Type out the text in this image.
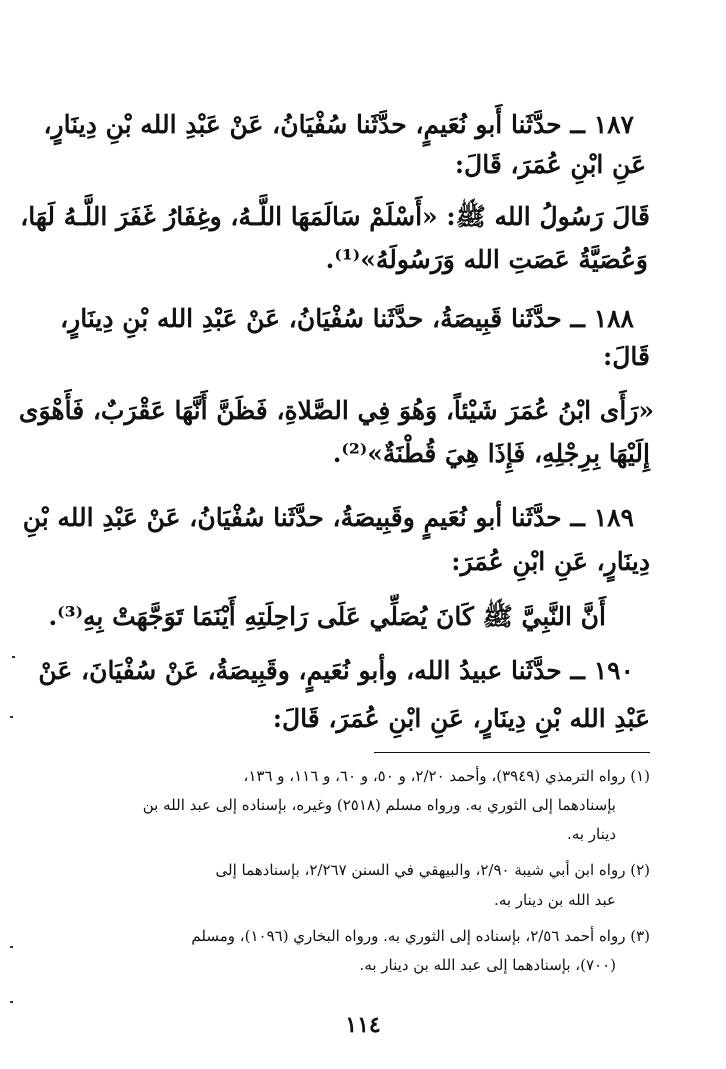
١٨٧ ــ حدَّثَنا أَبو نُعَيمٍ، حدَّثَنا سُفْيَانُ، عَنْ عَبْدِ الله بْنِ دِينَارٍ،
عَنِ ابْنِ عُمَرَ، قَالَ:
قَالَ رَسُولُ الله ﷺ: «أَسْلَمْ سَالَمَهَا اللَّـهُ، وغِفَارُ غَفَرَ اللَّـهُ لَهَا،
وَعُصَيَّةُ عَصَتِ الله وَرَسُولَهُ»⁽¹⁾.
١٨٨ ــ حدَّثَنا قَبِيصَةُ، حدَّثَنا سُفْيَانُ، عَنْ عَبْدِ الله بْنِ دِينَارٍ،
قَالَ:
«رَأَى ابْنُ عُمَرَ شَيْئاً، وَهُوَ فِي الصَّلاةِ، فَظَنَّ أَنَّهَا عَقْرَبٌ، فَأَهْوَى
إِلَيْهَا بِرِجْلِهِ، فَإِذَا هِيَ قُطْنَةٌ»⁽²⁾.
١٨٩ ــ حدَّثَنا أبو نُعَيمٍ وقَبِيصَةُ، حدَّثَنا سُفْيَانُ، عَنْ عَبْدِ الله بْنِ
دِينَارٍ، عَنِ ابْنِ عُمَرَ:
أَنَّ النَّبِيَّ ﷺ كَانَ يُصَلِّي عَلَى رَاحِلَتِهِ أَيْنَمَا تَوَجَّهَتْ بِهِ⁽³⁾.
١٩٠ ــ حدَّثَنا عبيدُ الله، وأبو نُعَيمٍ، وقَبِيصَةُ، عَنْ سُفْيَانَ، عَنْ
عَبْدِ الله بْنِ دِينَارٍ، عَنِ ابْنِ عُمَرَ، قَالَ:
(١) رواه الترمذي (٣٩٤٩)، وأحمد ٢/٢٠، و ٥٠، و ٦٠، و ١١٦، و ١٣٦،
بإسنادهما إلى الثوري به. ورواه مسلم (٢٥١٨) وغيره، بإسناده إلى عبد الله بن
دينار به.
(٢) رواه ابن أبي شيبة ٢/٩٠، والبيهقي في السنن ٢/٢٦٧، بإسنادهما إلى
عبد الله بن دينار به.
(٣) رواه أحمد ٢/٥٦، بإسناده إلى الثوري به. ورواه البخاري (١٠٩٦)، ومسلم
(٧٠٠)، بإسنادهما إلى عبد الله بن دينار به.
١١٤
